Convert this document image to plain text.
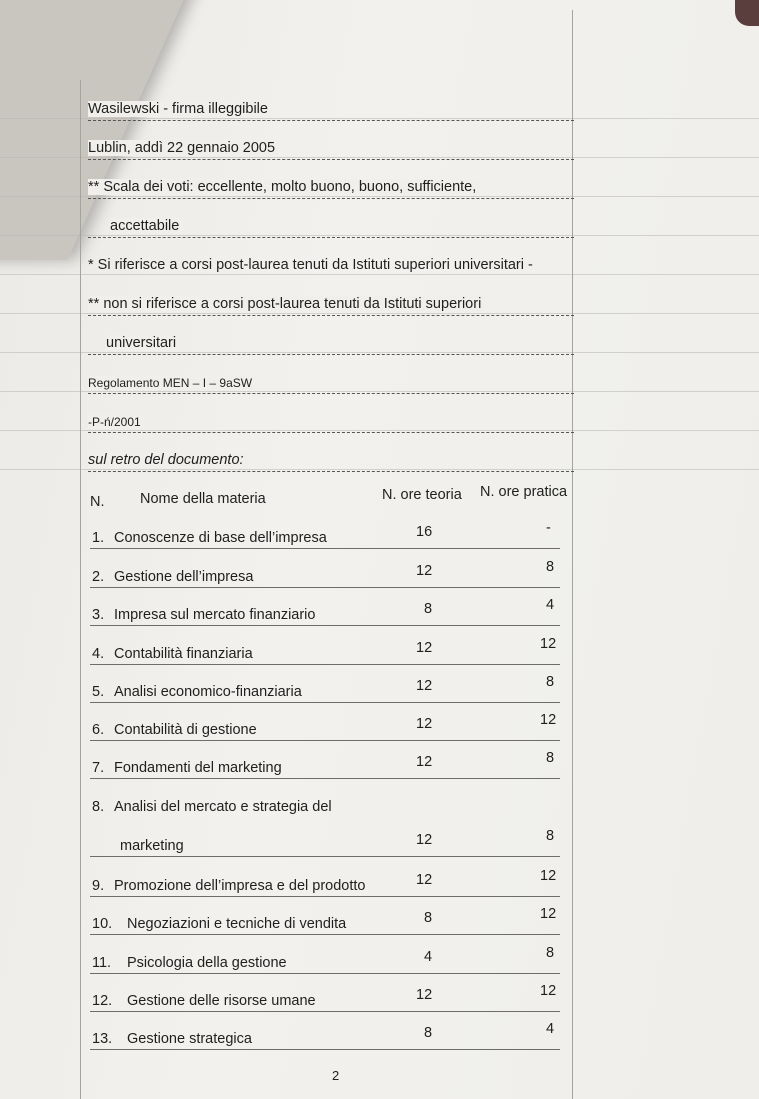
Wasilewski - firma illeggibile
Lublin, addì 22 gennaio 2005
** Scala dei voti: eccellente, molto buono, buono, sufficiente,
accettabile
* Si riferisce a corsi post-laurea tenuti da Istituti superiori universitari -
** non si riferisce a corsi post-laurea tenuti da Istituti superiori
universitari
Regolamento MEN – I – 9aSW
-P-ń/2001
sul retro del documento:
N. Nome della materia	N. ore teoria N. ore pratica
1. Conoscenze di base dell’impresa	16	-
2. Gestione dell’impresa	12	8
3. Impresa sul mercato finanziario	8	4
4. Contabilità finanziaria	12	12
5. Analisi economico-finanziaria	12	8
6. Contabilità di gestione	12	12
7. Fondamenti del marketing	12	8
8. Analisi del mercato e strategia del
marketing	12	8
9. Promozione dell’impresa e del prodotto	12	12
10. Negoziazioni e tecniche di vendita	8	12
11. Psicologia della gestione	4	8
12. Gestione delle risorse umane	12	12
13. Gestione strategica	8	4
2
